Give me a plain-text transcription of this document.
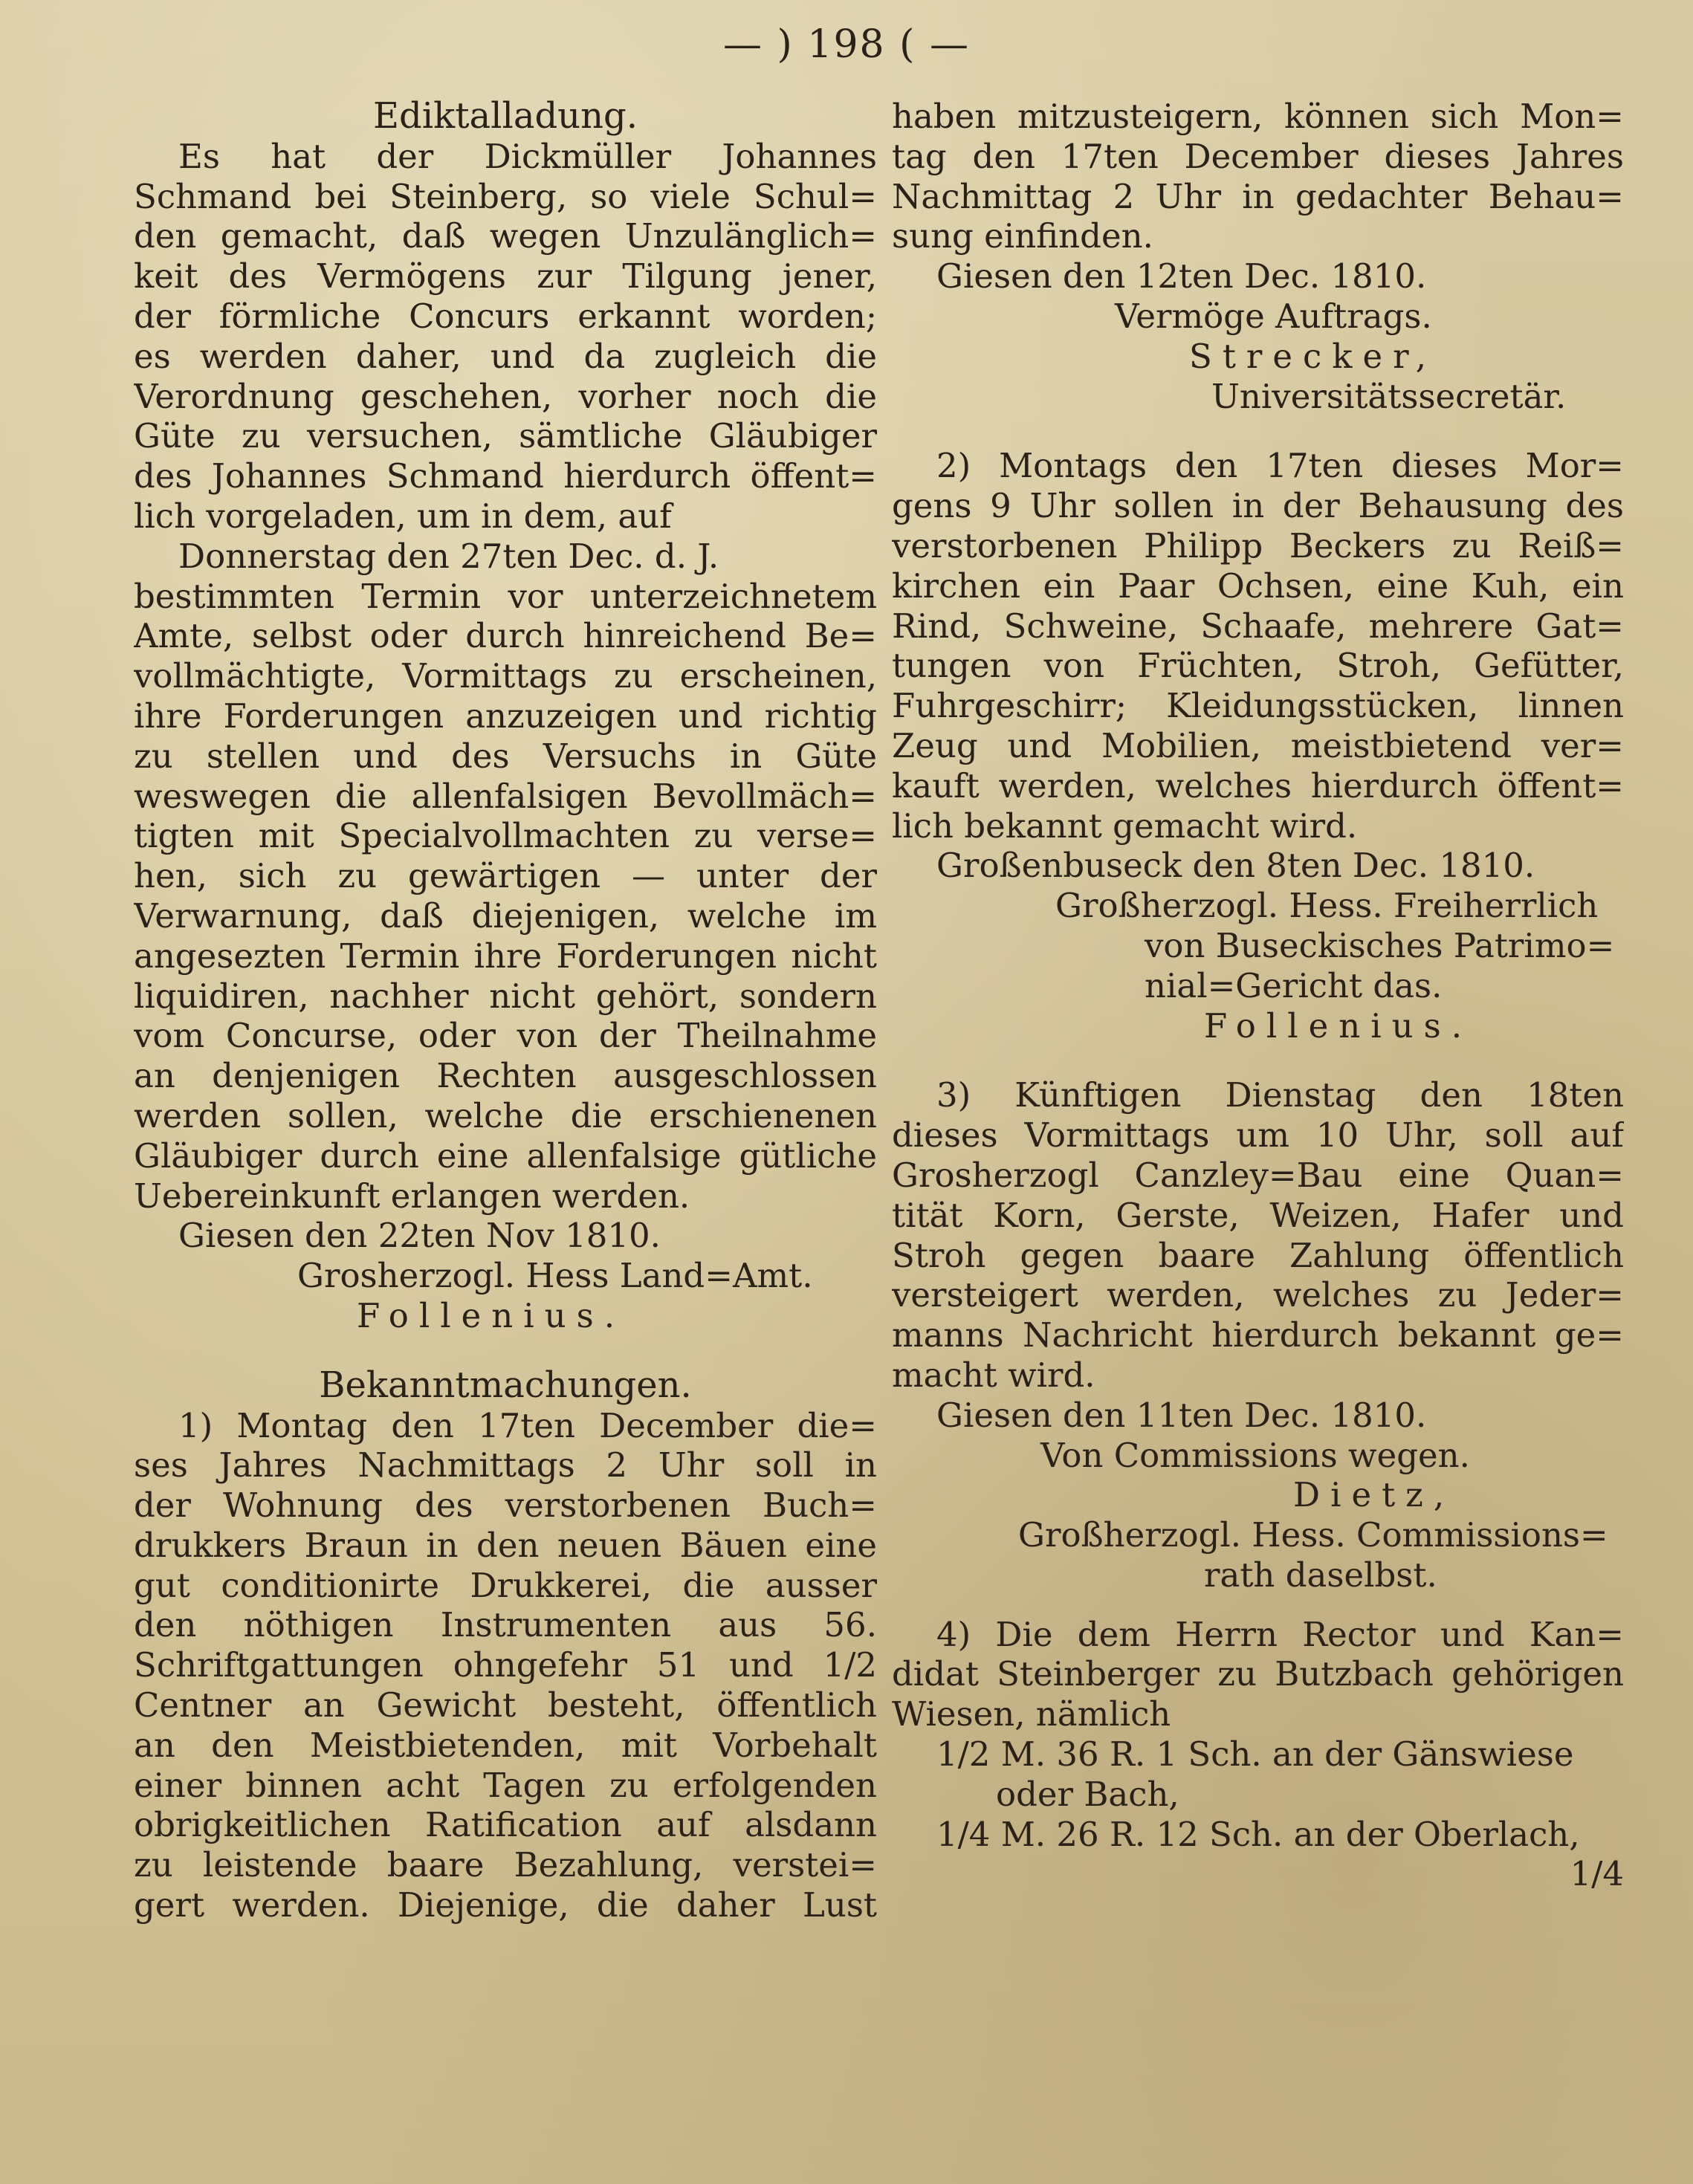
— ) 198 ( —
Ediktalladung.
Es hat der Dickmüller Johannes
Schmand bei Steinberg, so viele Schul=
den gemacht, daß wegen Unzulänglich=
keit des Vermögens zur Tilgung jener,
der förmliche Concurs erkannt worden;
es werden daher, und da zugleich die
Verordnung geschehen, vorher noch die
Güte zu versuchen, sämtliche Gläubiger
des Johannes Schmand hierdurch öffent=
lich vorgeladen, um in dem, auf
Donnerstag den 27ten Dec. d. J.
bestimmten Termin vor unterzeichnetem
Amte, selbst oder durch hinreichend Be=
vollmächtigte, Vormittags zu erscheinen,
ihre Forderungen anzuzeigen und richtig
zu stellen und des Versuchs in Güte
weswegen die allenfalsigen Bevollmäch=
tigten mit Specialvollmachten zu verse=
hen, sich zu gewärtigen — unter der
Verwarnung, daß diejenigen, welche im
angesezten Termin ihre Forderungen nicht
liquidiren, nachher nicht gehört, sondern
vom Concurse, oder von der Theilnahme
an denjenigen Rechten ausgeschlossen
werden sollen, welche die erschienenen
Gläubiger durch eine allenfalsige gütliche
Uebereinkunft erlangen werden.
Giesen den 22ten Nov 1810.
Grosherzogl. Hess Land=Amt.
Follenius.
Bekanntmachungen.
1) Montag den 17ten December die=
ses Jahres Nachmittags 2 Uhr soll in
der Wohnung des verstorbenen Buch=
drukkers Braun in den neuen Bäuen eine
gut conditionirte Drukkerei, die ausser
den nöthigen Instrumenten aus 56.
Schriftgattungen ohngefehr 51 und 1/2
Centner an Gewicht besteht, öffentlich
an den Meistbietenden, mit Vorbehalt
einer binnen acht Tagen zu erfolgenden
obrigkeitlichen Ratification auf alsdann
zu leistende baare Bezahlung, verstei=
gert werden. Diejenige, die daher Lust
haben mitzusteigern, können sich Mon=
tag den 17ten December dieses Jahres
Nachmittag 2 Uhr in gedachter Behau=
sung einfinden.
Giesen den 12ten Dec. 1810.
Vermöge Auftrags.
Strecker,
Universitätssecretär.
2) Montags den 17ten dieses Mor=
gens 9 Uhr sollen in der Behausung des
verstorbenen Philipp Beckers zu Reiß=
kirchen ein Paar Ochsen, eine Kuh, ein
Rind, Schweine, Schaafe, mehrere Gat=
tungen von Früchten, Stroh, Gefütter,
Fuhrgeschirr; Kleidungsstücken, linnen
Zeug und Mobilien, meistbietend ver=
kauft werden, welches hierdurch öffent=
lich bekannt gemacht wird.
Großenbuseck den 8ten Dec. 1810.
Großherzogl. Hess. Freiherrlich
von Buseckisches Patrimo=
nial=Gericht das.
Follenius.
3) Künftigen Dienstag den 18ten
dieses Vormittags um 10 Uhr, soll auf
Grosherzogl Canzley=Bau eine Quan=
tität Korn, Gerste, Weizen, Hafer und
Stroh gegen baare Zahlung öffentlich
versteigert werden, welches zu Jeder=
manns Nachricht hierdurch bekannt ge=
macht wird.
Giesen den 11ten Dec. 1810.
Von Commissions wegen.
Dietz,
Großherzogl. Hess. Commissions=
rath daselbst.
4) Die dem Herrn Rector und Kan=
didat Steinberger zu Butzbach gehörigen
Wiesen, nämlich
1/2 M. 36 R. 1 Sch. an der Gänswiese
oder Bach,
1/4 M. 26 R. 12 Sch. an der Oberlach,
1/4
